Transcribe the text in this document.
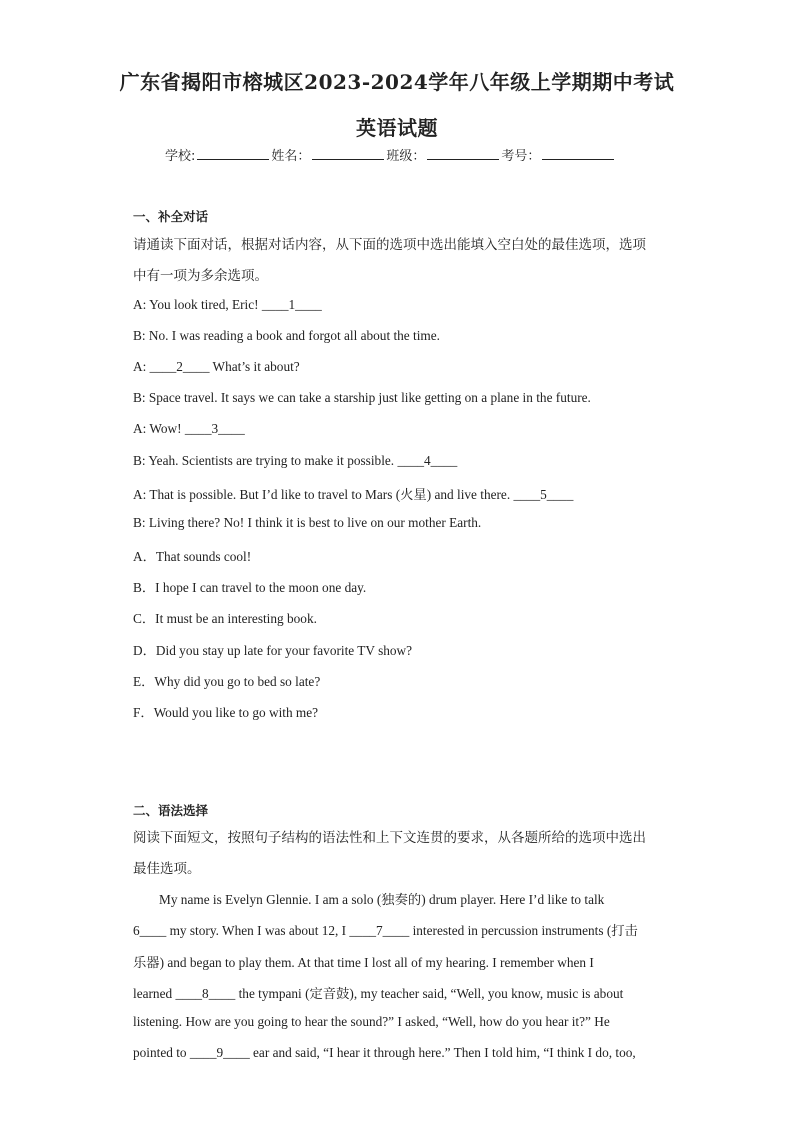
广东省揭阳市榕城区2023-2024学年八年级上学期期中考试
英语试题
学校:	姓名：	班级：	考号：
一、补全对话
请通读下面对话，根据对话内容，从下面的选项中选出能填入空白处的最佳选项，选项
中有一项为多余选项。
A: You look tired, Eric! ____1____
B: No. I was reading a book and forgot all about the time.
A: ____2____ What’s it about?
B: Space travel. It says we can take a starship just like getting on a plane in the future.
A: Wow! ____3____
B: Yeah. Scientists are trying to make it possible. ____4____
A: That is possible. But I’d like to travel to Mars (火星) and live there. ____5____
B: Living there? No! I think it is best to live on our mother Earth.
A．That sounds cool!
B．I hope I can travel to the moon one day.
C．It must be an interesting book.
D．Did you stay up late for your favorite TV show?
E．Why did you go to bed so late?
F．Would you like to go with me?
二、语法选择
阅读下面短文，按照句子结构的语法性和上下文连贯的要求，从各题所给的选项中选出
最佳选项。
My name is Evelyn Glennie. I am a solo (独奏的) drum player. Here I’d like to talk
6____ my story. When I was about 12, I ____7____ interested in percussion instruments (打击
乐器) and began to play them. At that time I lost all of my hearing. I remember when I
learned ____8____ the tympani (定音鼓), my teacher said, “Well, you know, music is about
listening. How are you going to hear the sound?” I asked, “Well, how do you hear it?” He
pointed to ____9____ ear and said, “I hear it through here.” Then I told him, “I think I do, too,
